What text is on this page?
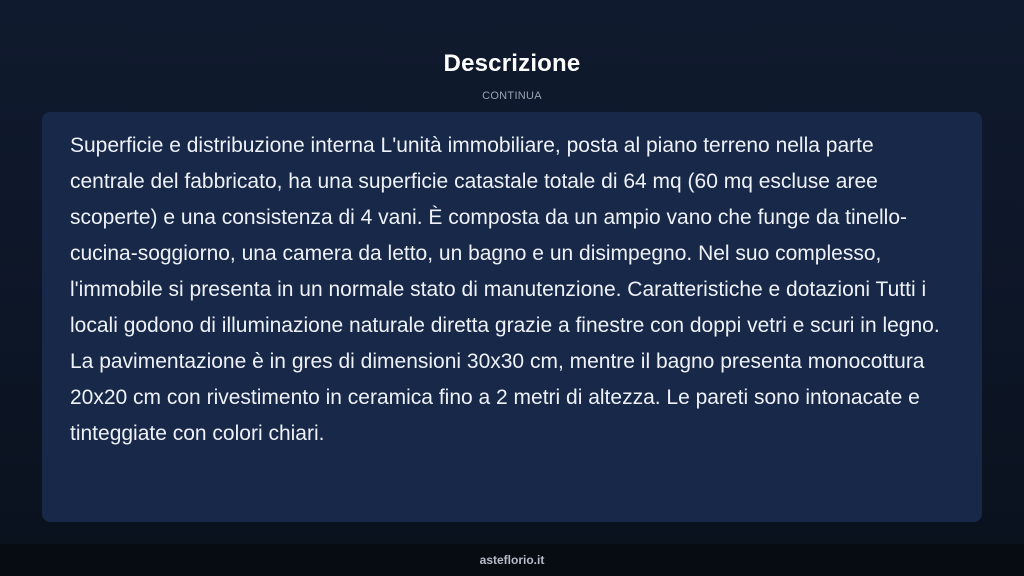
Descrizione
CONTINUA

Superficie e distribuzione interna L'unità immobiliare, posta al piano terreno nella parte centrale del fabbricato, ha una superficie catastale totale di 64 mq (60 mq escluse aree scoperte) e una consistenza di 4 vani. È composta da un ampio vano che funge da tinello-cucina-soggiorno, una camera da letto, un bagno e un disimpegno. Nel suo complesso, l'immobile si presenta in un normale stato di manutenzione. Caratteristiche e dotazioni Tutti i locali godono di illuminazione naturale diretta grazie a finestre con doppi vetri e scuri in legno. La pavimentazione è in gres di dimensioni 30x30 cm, mentre il bagno presenta monocottura 20x20 cm con rivestimento in ceramica fino a 2 metri di altezza. Le pareti sono intonacate e tinteggiate con colori chiari.

asteflorio.it
